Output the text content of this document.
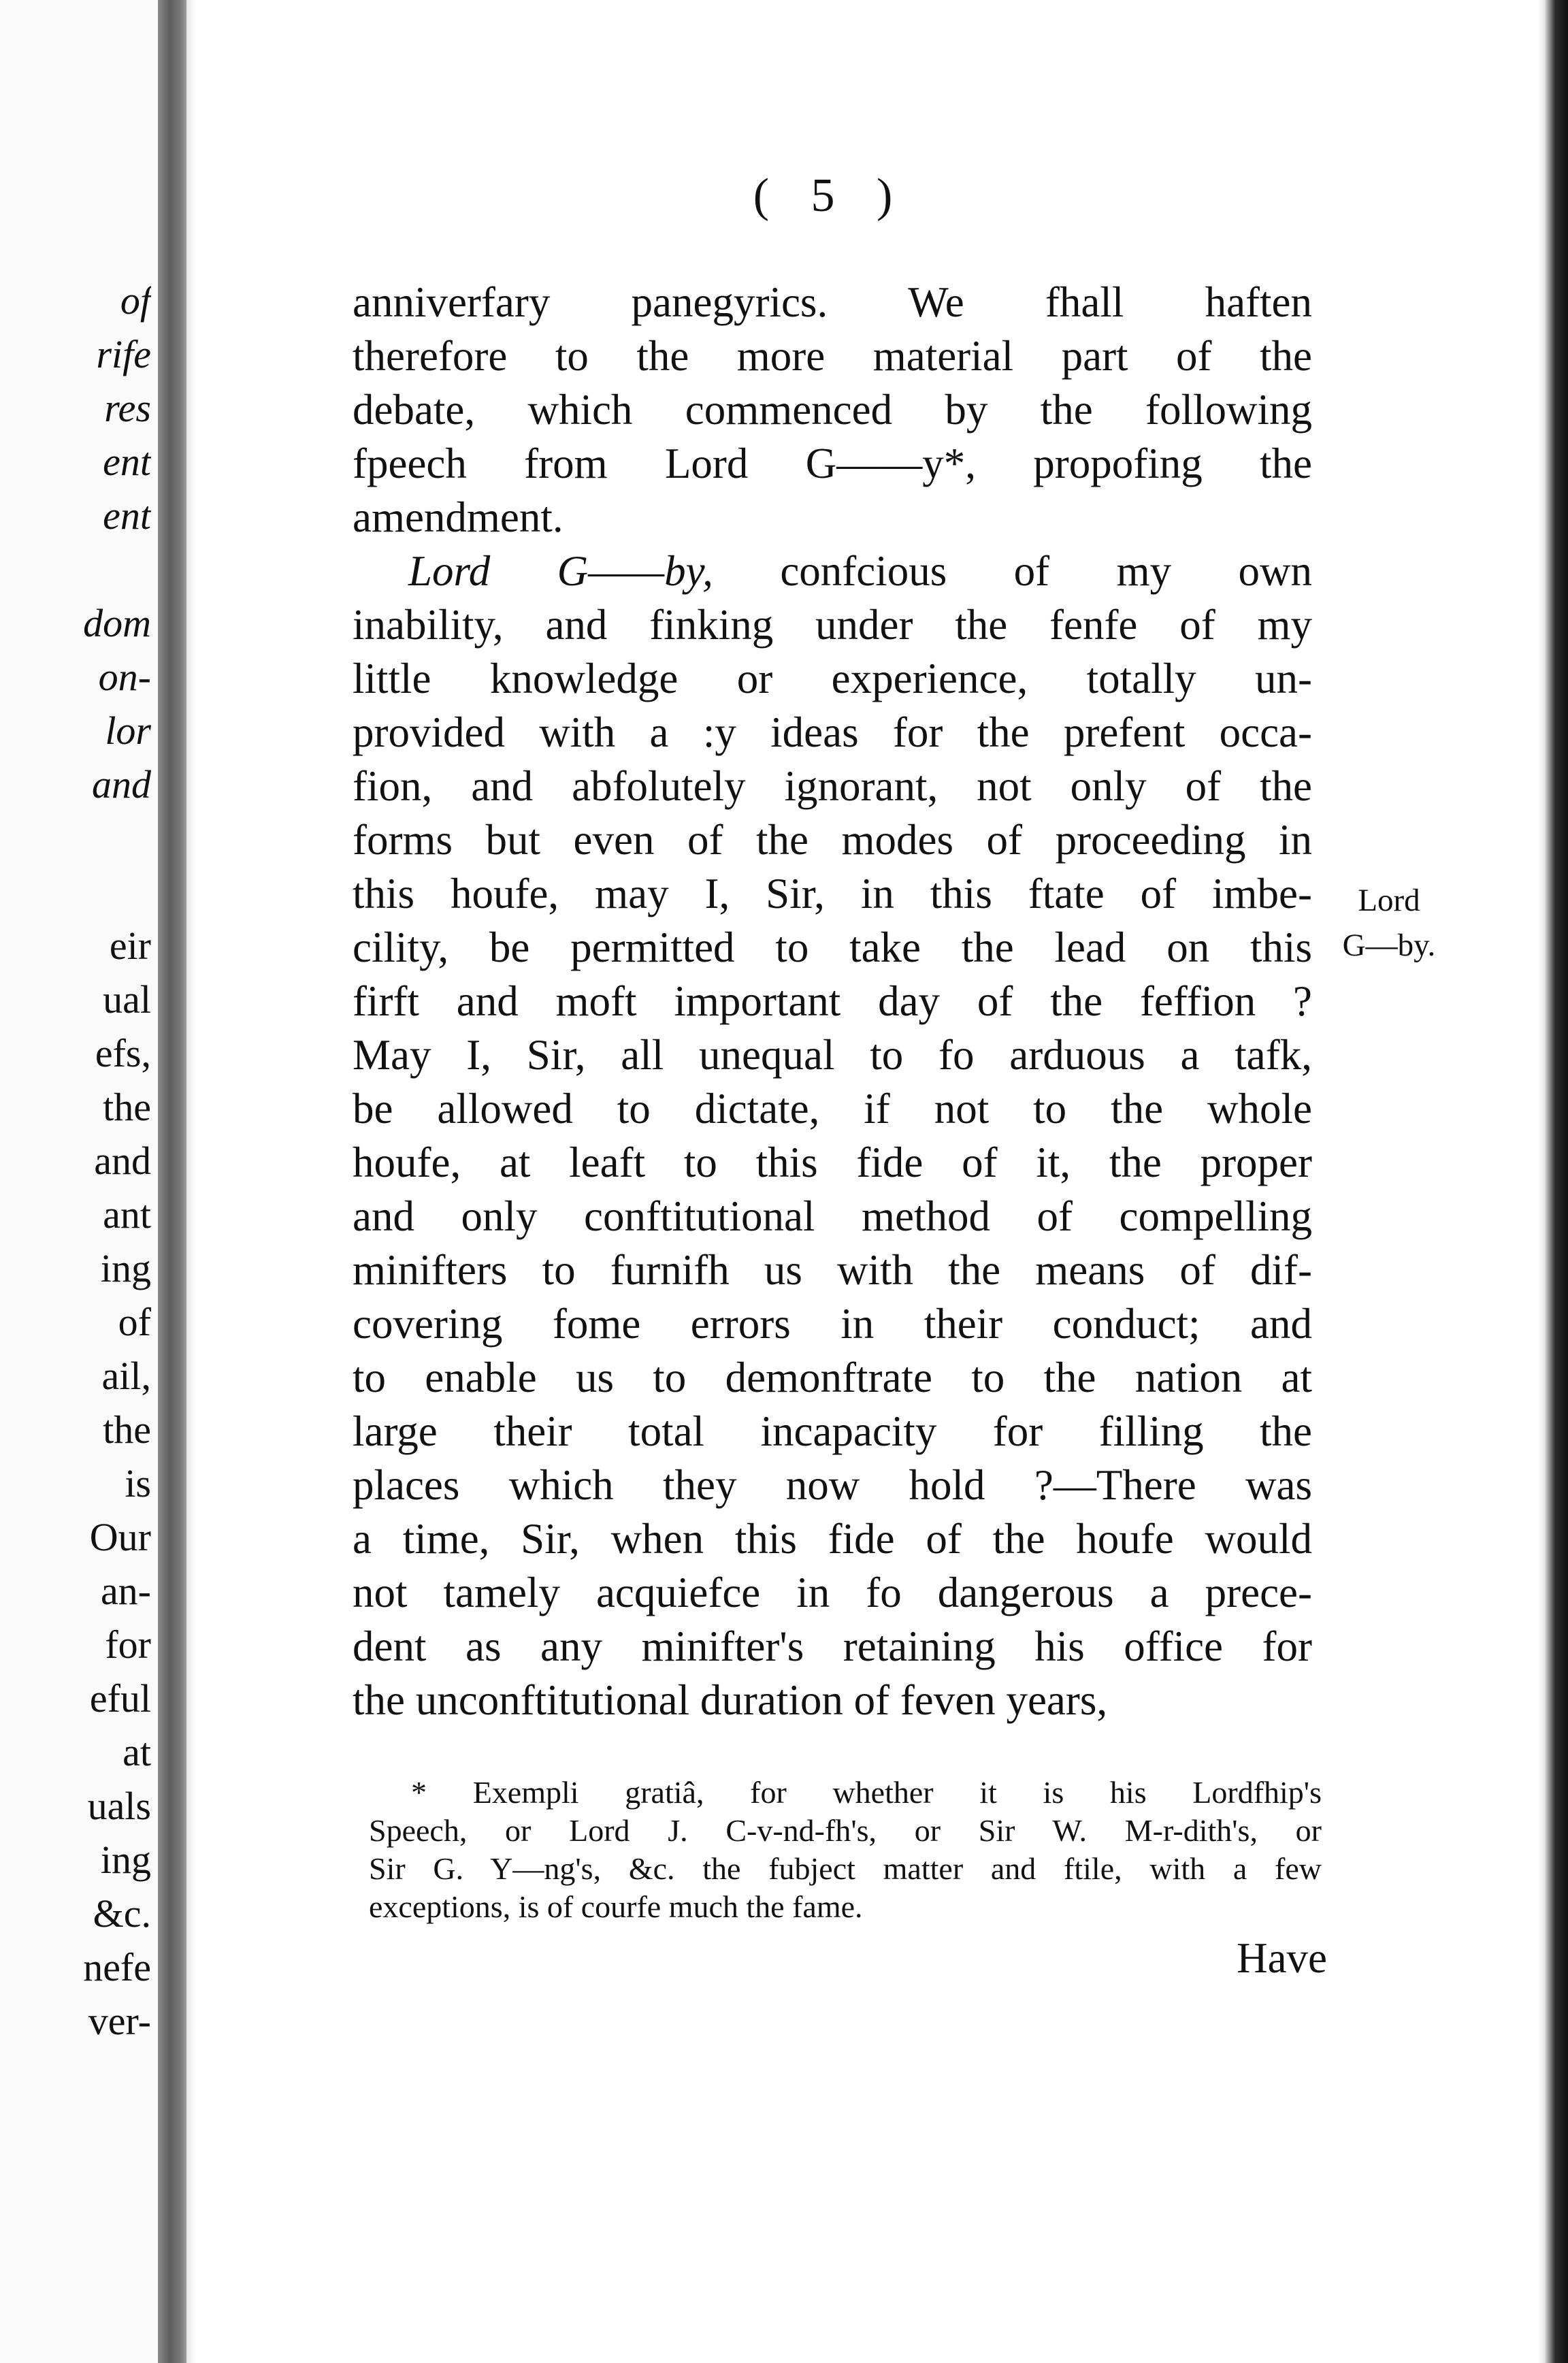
of
rife
res
ent
ent
dom
on-
lor
and
eir
ual
efs,
the
and
ant
ing
of
ail,
the
is
Our
an-
for
eful
at
uals
ing
&c.
nefe
ver-
( 5 )
anniverfary panegyrics. We fhall haften
therefore to the more material part of the
debate, which commenced by the following
fpeech from Lord G——y*, propofing the
amendment.
Lord G——by, confcious of my own
inability, and finking under the fenfe of my
little knowledge or experience, totally un-
provided with a :y ideas for the prefent occa-
fion, and abfolutely ignorant, not only of the
forms but even of the modes of proceeding in
this houfe, may I, Sir, in this ftate of imbe-
cility, be permitted to take the lead on this
firft and moft important day of the feffion ?
May I, Sir, all unequal to fo arduous a tafk,
be allowed to dictate, if not to the whole
houfe, at leaft to this fide of it, the proper
and only conftitutional method of compelling
minifters to furnifh us with the means of dif-
covering fome errors in their conduct; and
to enable us to demonftrate to the nation at
large their total incapacity for filling the
places which they now hold ?—There was
a time, Sir, when this fide of the houfe would
not tamely acquiefce in fo dangerous a prece-
dent as any minifter's retaining his office for
the unconftitutional duration of feven years,
Lord
G—by.
* Exempli gratiâ, for whether it is his Lordfhip's
Speech, or Lord J. C-v-nd-fh's, or Sir W. M-r-dith's, or
Sir G. Y—ng's, &c. the fubject matter and ftile, with a few
exceptions, is of courfe much the fame.
Have
